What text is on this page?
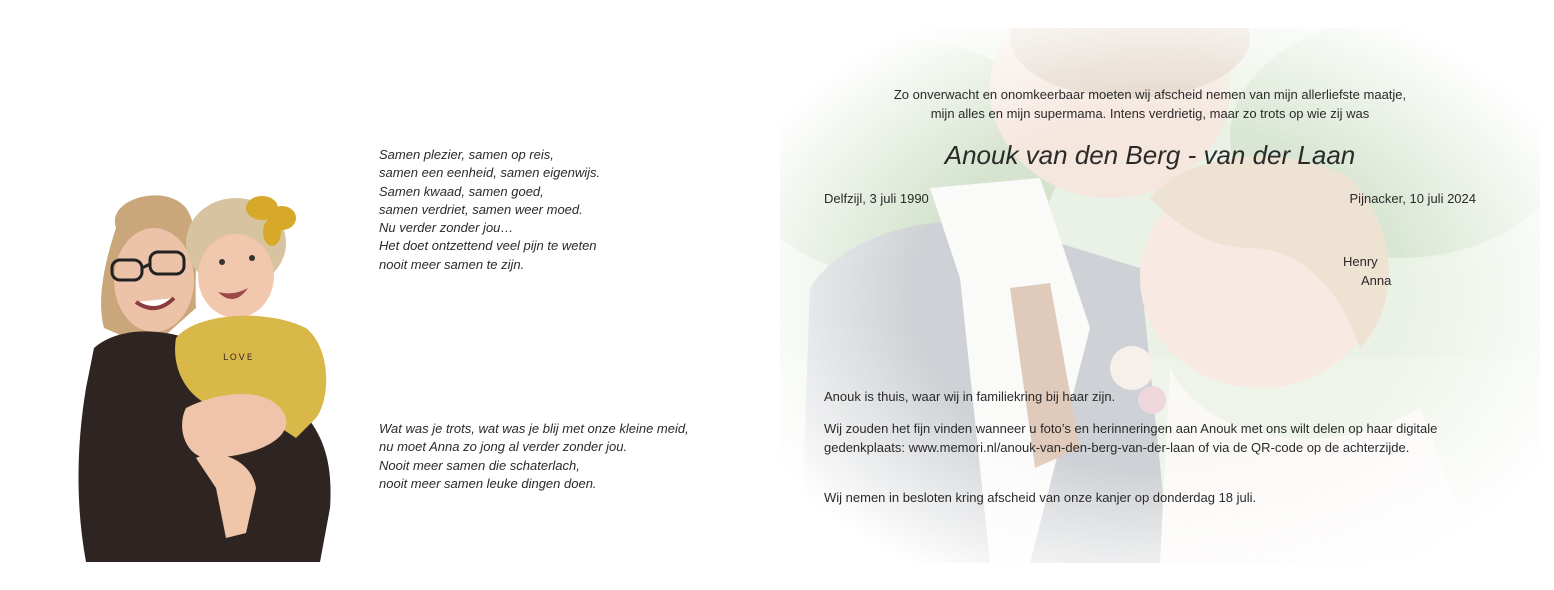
LOVE
Samen plezier, samen op reis,
samen een eenheid, samen eigenwijs.
Samen kwaad, samen goed,
samen verdriet, samen weer moed.
Nu verder zonder jou…
Het doet ontzettend veel pijn te weten
nooit meer samen te zijn.
Wat was je trots, wat was je blij met onze kleine meid,
nu moet Anna zo jong al verder zonder jou.
Nooit meer samen die schaterlach,
nooit meer samen leuke dingen doen.
Zo onverwacht en onomkeerbaar moeten wij afscheid nemen van mijn allerliefste maatje,
mijn alles en mijn supermama. Intens verdrietig, maar zo trots op wie zij was
Anouk van den Berg - van der Laan
Delfzijl, 3 juli 1990	Pijnacker, 10 juli 2024
Henry
Anna
Anouk is thuis, waar wij in familiekring bij haar zijn.
Wij zouden het fijn vinden wanneer u foto’s en herinneringen aan Anouk met ons wilt delen op haar digitale gedenkplaats: www.memori.nl/anouk-van-den-berg-van-der-laan of via de QR-code op de achterzijde.
Wij nemen in besloten kring afscheid van onze kanjer op donderdag 18 juli.
